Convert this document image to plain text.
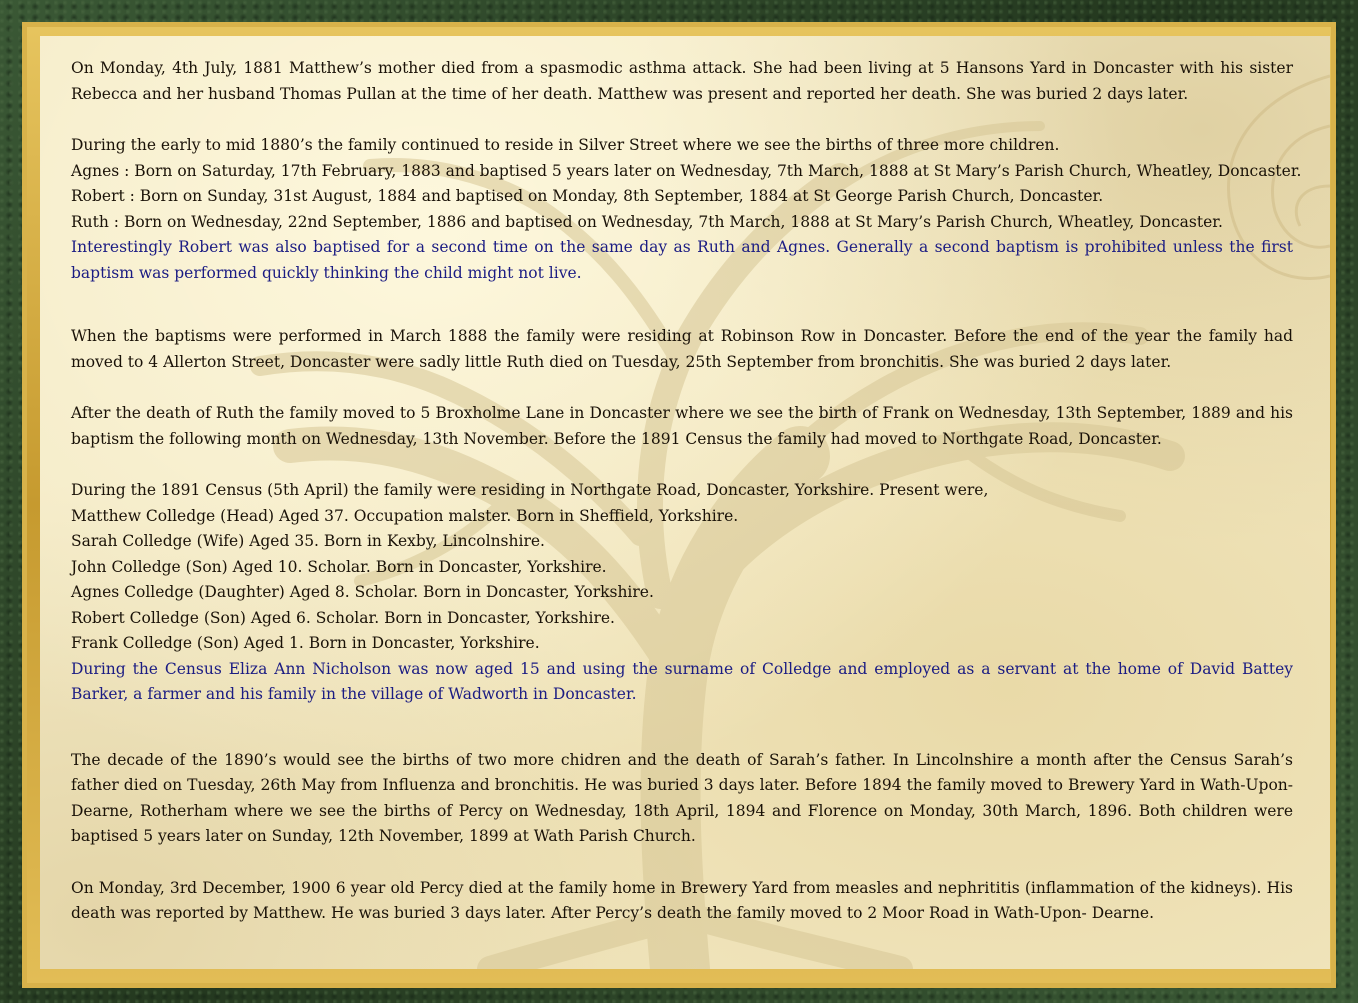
On Monday, 4th July, 1881 Matthew’s mother died from a spasmodic asthma attack. She had been living at 5 Hansons Yard in Doncaster with his sister Rebecca and her husband Thomas Pullan at the time of her death. Matthew was present and reported her death. She was buried 2 days later.

During the early to mid 1880’s the family continued to reside in Silver Street where we see the births of three more children.
Agnes : Born on Saturday, 17th February, 1883 and baptised 5 years later on Wednesday, 7th March, 1888 at St Mary’s Parish Church, Wheatley, Doncaster.
Robert : Born on Sunday, 31st August, 1884 and baptised on Monday, 8th September, 1884 at St George Parish Church, Doncaster.
Ruth : Born on Wednesday, 22nd September, 1886 and baptised on Wednesday, 7th March, 1888 at St Mary’s Parish Church, Wheatley, Doncaster.

Interestingly Robert was also baptised for a second time on the same day as Ruth and Agnes. Generally a second baptism is prohibited unless the first baptism was performed quickly thinking the child might not live.

When the baptisms were performed in March 1888 the family were residing at Robinson Row in Doncaster. Before the end of the year the family had moved to 4 Allerton Street, Doncaster were sadly little Ruth died on Tuesday, 25th September from bronchitis. She was buried 2 days later.

After the death of Ruth the family moved to 5 Broxholme Lane in Doncaster where we see the birth of Frank on Wednesday, 13th September, 1889 and his baptism the following month on Wednesday, 13th November. Before the 1891 Census the family had moved to Northgate Road, Doncaster.

During the 1891 Census (5th April) the family were residing in Northgate Road, Doncaster, Yorkshire. Present were,
Matthew Colledge (Head) Aged 37. Occupation malster. Born in Sheffield, Yorkshire.
Sarah Colledge (Wife) Aged 35. Born in Kexby, Lincolnshire.
John Colledge (Son) Aged 10. Scholar. Born in Doncaster, Yorkshire.
Agnes Colledge (Daughter) Aged 8. Scholar. Born in Doncaster, Yorkshire.
Robert Colledge (Son) Aged 6. Scholar. Born in Doncaster, Yorkshire.
Frank Colledge (Son) Aged 1. Born in Doncaster, Yorkshire.

During the Census Eliza Ann Nicholson was now aged 15 and using the surname of Colledge and employed as a servant at the home of David Battey Barker, a farmer and his family in the village of Wadworth in Doncaster.

The decade of the 1890’s would see the births of two more chidren and the death of Sarah’s father. In Lincolnshire a month after the Census Sarah’s father died on Tuesday, 26th May from Influenza and bronchitis. He was buried 3 days later. Before 1894 the family moved to Brewery Yard in Wath-Upon-Dearne, Rotherham where we see the births of Percy on Wednesday, 18th April, 1894 and Florence on Monday, 30th March, 1896. Both children were baptised 5 years later on Sunday, 12th November, 1899 at Wath Parish Church.

On Monday, 3rd December, 1900 6 year old Percy died at the family home in Brewery Yard from measles and nephrititis (inflammation of the kidneys). His death was reported by Matthew. He was buried 3 days later. After Percy’s death the family moved to 2 Moor Road in Wath-Upon- Dearne.
